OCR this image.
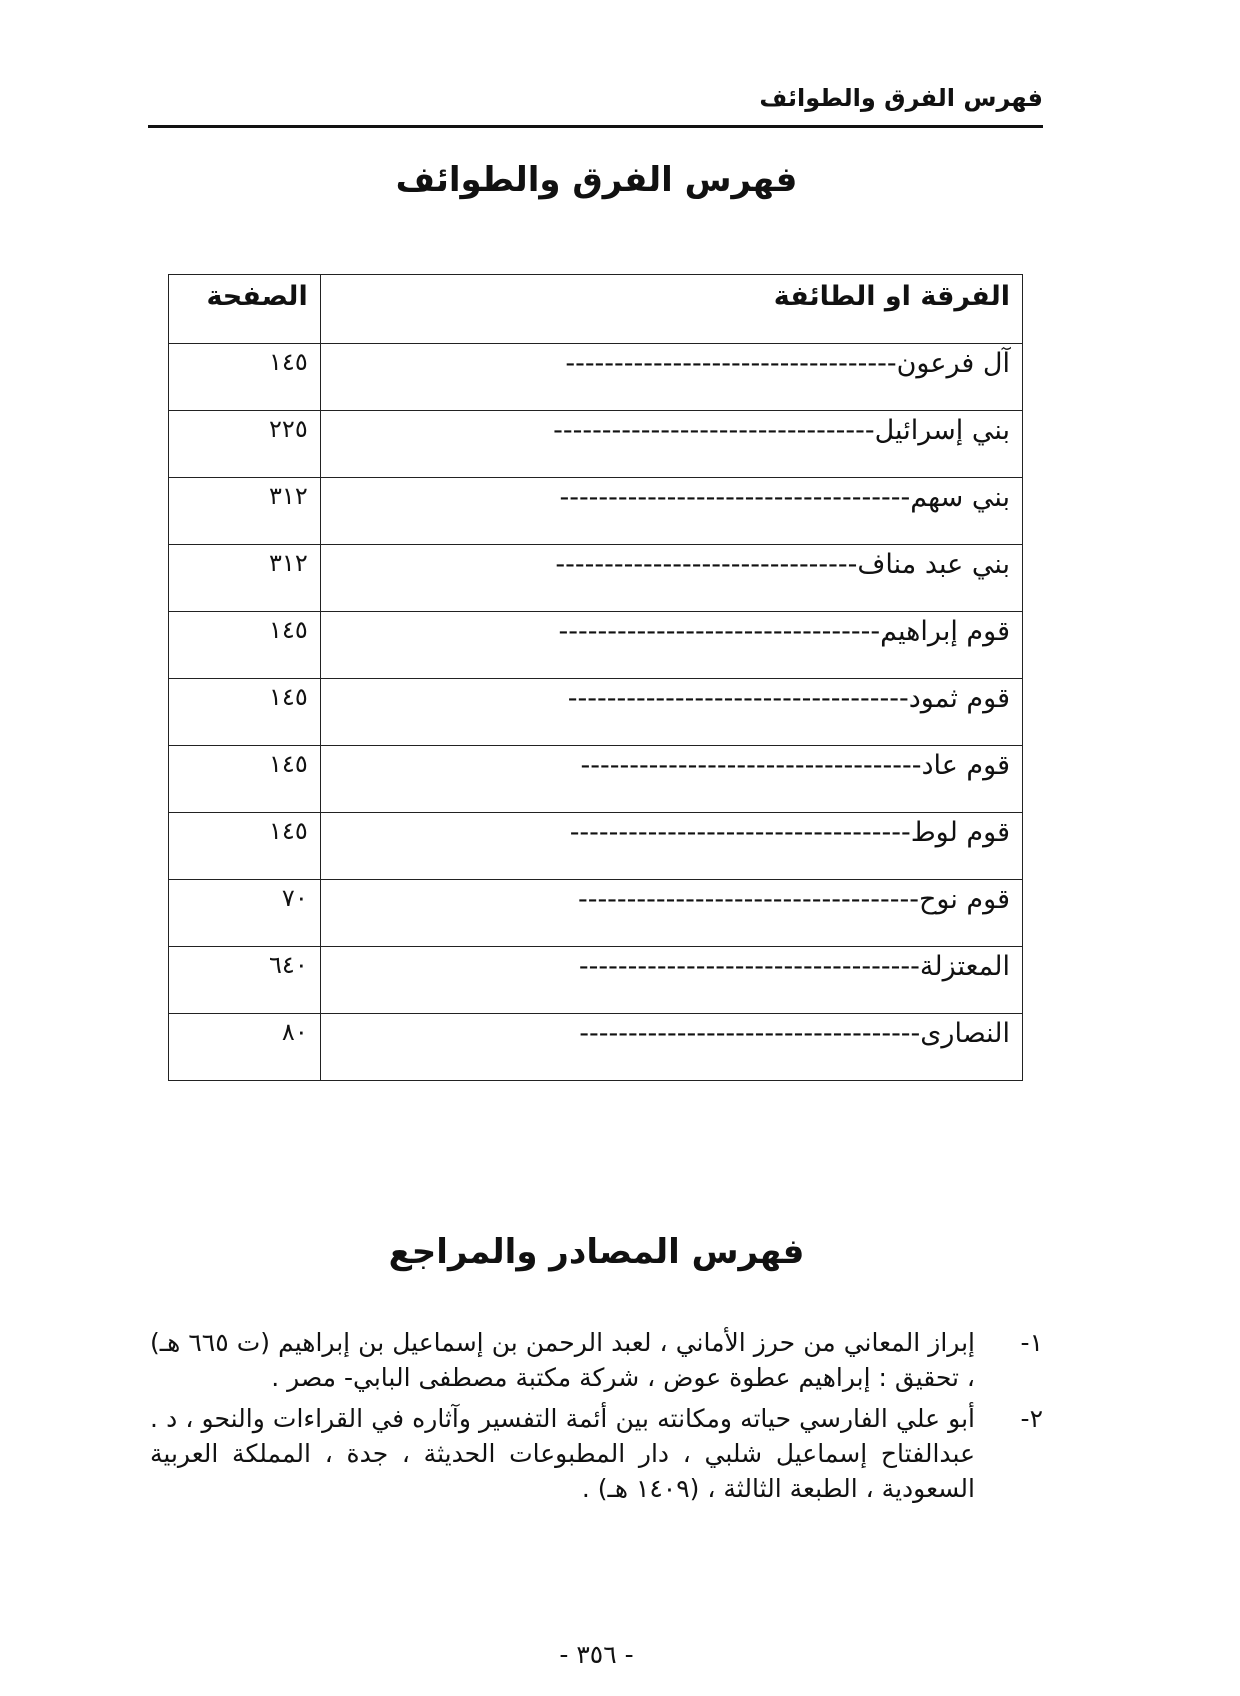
فهرس الفرق والطوائف
فهرس الفرق والطوائف
الفرقة او الطائفة	الصفحة
آل فرعون----------------------------------	١٤٥
بني إسرائيل---------------------------------	٢٢٥
بني سهم------------------------------------	٣١٢
بني عبد مناف-------------------------------	٣١٢
قوم إبراهيم---------------------------------	١٤٥
قوم ثمود-----------------------------------	١٤٥
قوم عاد-----------------------------------	١٤٥
قوم لوط-----------------------------------	١٤٥
قوم نوح-----------------------------------	٧٠
المعتزلة-----------------------------------	٦٤٠
النصارى-----------------------------------	٨٠
فهرس المصادر والمراجع
١-
إبراز المعاني من حرز الأماني ، لعبد الرحمن بن إسماعيل بن إبراهيم (ت ٦٦٥ هـ) ، تحقيق : إبراهيم عطوة عوض ، شركة مكتبة مصطفى البابي- مصر .
٢-
أبو علي الفارسي حياته ومكانته بين أئمة التفسير وآثاره في القراءات والنحو ، د . عبدالفتاح إسماعيل شلبي ، دار المطبوعات الحديثة ، جدة ، المملكة العربية السعودية ، الطبعة الثالثة ، (١٤٠٩ هـ) .
- ٣٥٦ -
